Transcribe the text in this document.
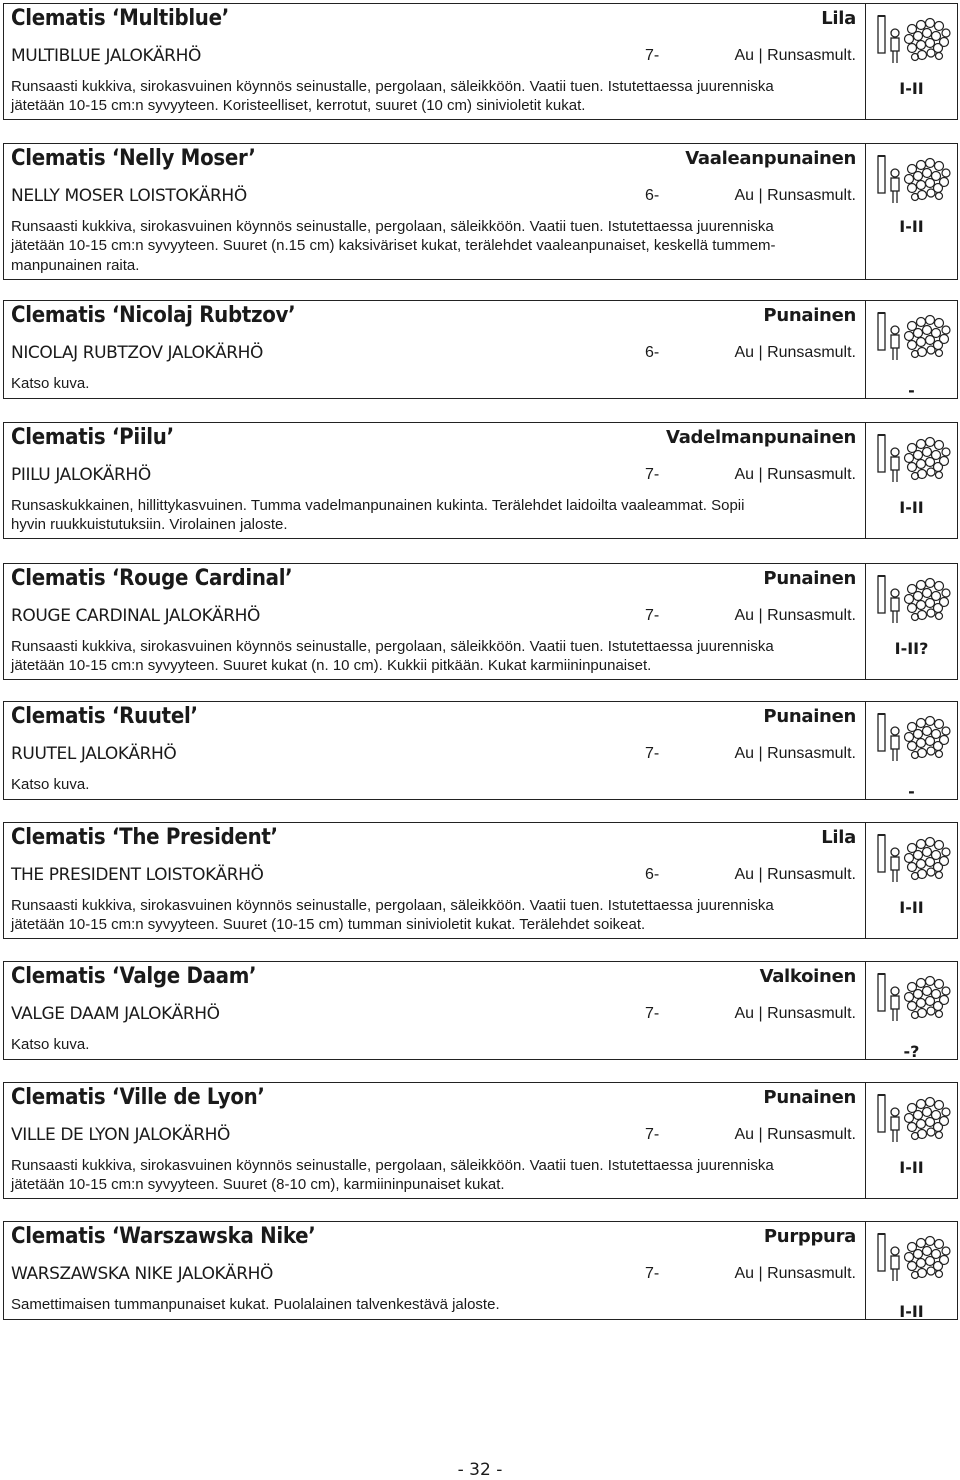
Clematis ‘Multiblue’	Lila
MULTIBLUE JALOKÄRHÖ	7-	Au | Runsasmult.
Runsaasti kukkiva, sirokasvuinen köynnös seinustalle, pergolaan, säleikköön. Vaatii tuen. Istutettaessa juurenniska
jätetään 10-15 cm:n syvyyteen. Koristeelliset, kerrotut, suuret (10 cm) sinivioletit kukat.
I-II
Clematis ‘Nelly Moser’	Vaaleanpunainen
NELLY MOSER LOISTOKÄRHÖ	6-	Au | Runsasmult.
Runsaasti kukkiva, sirokasvuinen köynnös seinustalle, pergolaan, säleikköön. Vaatii tuen. Istutettaessa juurenniska
jätetään 10-15 cm:n syvyyteen. Suuret (n.15 cm) kaksiväriset kukat, terälehdet vaaleanpunaiset, keskellä tummem-
manpunainen raita.
I-II
Clematis ‘Nicolaj Rubtzov’	Punainen
NICOLAJ RUBTZOV JALOKÄRHÖ	6-	Au | Runsasmult.
Katso kuva.	-
Clematis ‘Piilu’	Vadelmanpunainen
PIILU JALOKÄRHÖ	7-	Au | Runsasmult.
Runsaskukkainen, hillittykasvuinen. Tumma vadelmanpunainen kukinta. Terälehdet laidoilta vaaleammat. Sopii
hyvin ruukkuistutuksiin. Virolainen jaloste.
I-II
Clematis ‘Rouge Cardinal’	Punainen
ROUGE CARDINAL JALOKÄRHÖ	7-	Au | Runsasmult.
Runsaasti kukkiva, sirokasvuinen köynnös seinustalle, pergolaan, säleikköön. Vaatii tuen. Istutettaessa juurenniska
jätetään 10-15 cm:n syvyyteen. Suuret kukat (n. 10 cm). Kukkii pitkään. Kukat karmiininpunaiset.
I-II?
Clematis ‘Ruutel’	Punainen
RUUTEL JALOKÄRHÖ	7-	Au | Runsasmult.
Katso kuva.	-
Clematis ‘The President’	Lila
THE PRESIDENT LOISTOKÄRHÖ	6-	Au | Runsasmult.
Runsaasti kukkiva, sirokasvuinen köynnös seinustalle, pergolaan, säleikköön. Vaatii tuen. Istutettaessa juurenniska
jätetään 10-15 cm:n syvyyteen. Suuret (10-15 cm) tumman sinivioletit kukat. Terälehdet soikeat.
I-II
Clematis ‘Valge Daam’	Valkoinen
VALGE DAAM JALOKÄRHÖ	7-	Au | Runsasmult.
Katso kuva.	-?
Clematis ‘Ville de Lyon’	Punainen
VILLE DE LYON JALOKÄRHÖ	7-	Au | Runsasmult.
Runsaasti kukkiva, sirokasvuinen köynnös seinustalle, pergolaan, säleikköön. Vaatii tuen. Istutettaessa juurenniska
jätetään 10-15 cm:n syvyyteen. Suuret (8-10 cm), karmiininpunaiset kukat.
I-II
Clematis ‘Warszawska Nike’	Purppura
WARSZAWSKA NIKE JALOKÄRHÖ	7-	Au | Runsasmult.
Samettimaisen tummanpunaiset kukat. Puolalainen talvenkestävä jaloste.	I-II
- 32 -
